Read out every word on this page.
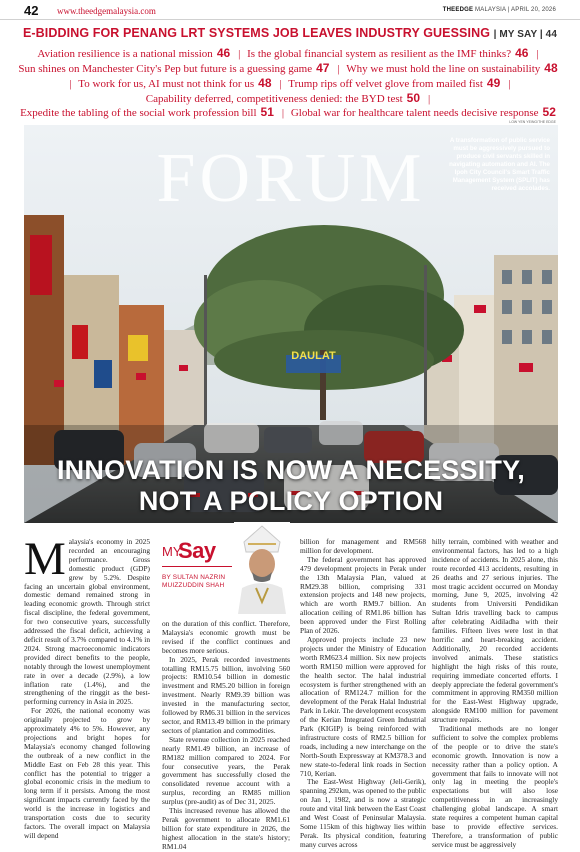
42 www.theedgemalaysia.com	THEEDGE MALAYSIA | APRIL 20, 2026
E-BIDDING FOR PENANG LRT SYSTEMS JOB LEAVES INDUSTRY GUESSING | MY SAY | 44
Aviation resilience is a national mission 46 | Is the global financial system as resilient as the IMF thinks? 46 |
Sun shines on Manchester City's Pep but future is a guessing game 47 | Why we must hold the line on sustainability 48
| To work for us, AI must not think for us 48 | Trump rips off velvet glove from mailed fist 49 |
Capability deferred, competitiveness denied: the BYD test 50 |
Expedite the tabling of the social work profession bill 51 | Global war for healthcare talent needs decisive response 52
LOW YEN YEING/THE EDGE
DAULAT
FORUM	A transformation of public service must be aggressively pursued to produce civil servants skilled in navigating automation and AI. The Ipoh City Council's Smart Traffic Management System (SPLIT) has received accolades.
INNOVATION IS NOW A NECESSITY,
NOT A POLICY OPTION

Malaysia's economy in 2025 recorded an encouraging performance. Gross domestic product (GDP) grew by 5.2%. Despite facing an uncertain global environment, domestic demand remained strong in leading economic growth. Through strict fiscal discipline, the federal government, for two consecutive years, successfully addressed the fiscal deficit, achieving a deficit result of 3.7% compared to 4.1% in 2024. Strong macroeconomic indicators provided direct benefits to the people, notably through the lowest unemployment rate in over a decade (2.9%), a low inflation rate (1.4%), and the strengthening of the ringgit as the best-performing currency in Asia in 2025.

For 2026, the national economy was originally projected to grow by approximately 4% to 5%. However, any projections and bright hopes for Malaysia's economy changed following the outbreak of a new conflict in the Middle East on Feb 28 this year. This conflict has the potential to trigger a global economic crisis in the medium to long term if it persists. Among the most significant impacts currently faced by the world is the increase in logistics and transportation costs due to security factors. The overall impact on Malaysia will depend

MY
Say
BY SULTAN NAZRIN
MUIZZUDDIN SHAH

on the duration of this conflict. Therefore, Malaysia's economic growth must be revised if the conflict continues and becomes more serious.

In 2025, Perak recorded investments totalling RM15.75 billion, involving 560 projects: RM10.54 billion in domestic investment and RM5.20 billion in foreign investment. Nearly RM9.39 billion was invested in the manufacturing sector, followed by RM6.31 billion in the services sector, and RM13.49 billion in the primary sectors of plantation and commodities.

State revenue collection in 2025 reached nearly RM1.49 billion, an increase of RM182 million compared to 2024. For four consecutive years, the Perak government has successfully closed the consolidated revenue account with a surplus, recording an RM85 million surplus (pre-audit) as of Dec 31, 2025.

This increased revenue has allowed the Perak government to allocate RM1.61 billion for state expenditure in 2026, the highest allocation in the state's history; RM1.04

billion for management and RM568 million for development.

The federal government has approved 479 development projects in Perak under the 13th Malaysia Plan, valued at RM29.38 billion, comprising 331 extension projects and 148 new projects, which are worth RM9.7 billion. An allocation ceiling of RM1.86 billion has been approved under the First Rolling Plan of 2026.

Approved projects include 23 new projects under the Ministry of Education worth RM623.4 million. Six new projects worth RM150 million were approved for the health sector. The halal industrial ecosystem is further strengthened with an allocation of RM124.7 million for the development of the Perak Halal Industrial Park in Lekir. The development ecosystem of the Kerian Integrated Green Industrial Park (KIGIP) is being reinforced with infrastructure costs of RM2.5 billion for roads, including a new interchange on the North-South Expressway at KM378.3 and new state-to-federal link roads in Section 710, Kerian.

The East-West Highway (Jeli-Gerik), spanning 292km, was opened to the public on Jan 1, 1982, and is now a strategic route and vital link between the East Coast and West Coast of Peninsular Malaysia. Some 115km of this highway lies within Perak. Its physical condition, featuring many curves across

hilly terrain, combined with weather and environmental factors, has led to a high incidence of accidents. In 2025 alone, this route recorded 413 accidents, resulting in 26 deaths and 27 serious injuries. The most tragic accident occurred on Monday morning, June 9, 2025, involving 42 students from Universiti Pendidikan Sultan Idris travelling back to campus after celebrating Aidiladha with their families. Fifteen lives were lost in that horrific and heart-breaking accident. Additionally, 20 recorded accidents involved animals. These statistics highlight the high risks of this route, requiring immediate concerted efforts. I deeply appreciate the federal government's commitment in approving RM350 million for the East-West Highway upgrade, alongside RM100 million for pavement structure repairs.

Traditional methods are no longer sufficient to solve the complex problems of the people or to drive the state's economic growth. Innovation is now a necessity rather than a policy option. A government that fails to innovate will not only lag in meeting the people's expectations but will also lose competitiveness in an increasingly challenging global landscape. A smart state requires a competent human capital base to provide effective services. Therefore, a transformation of public service must be aggressively
